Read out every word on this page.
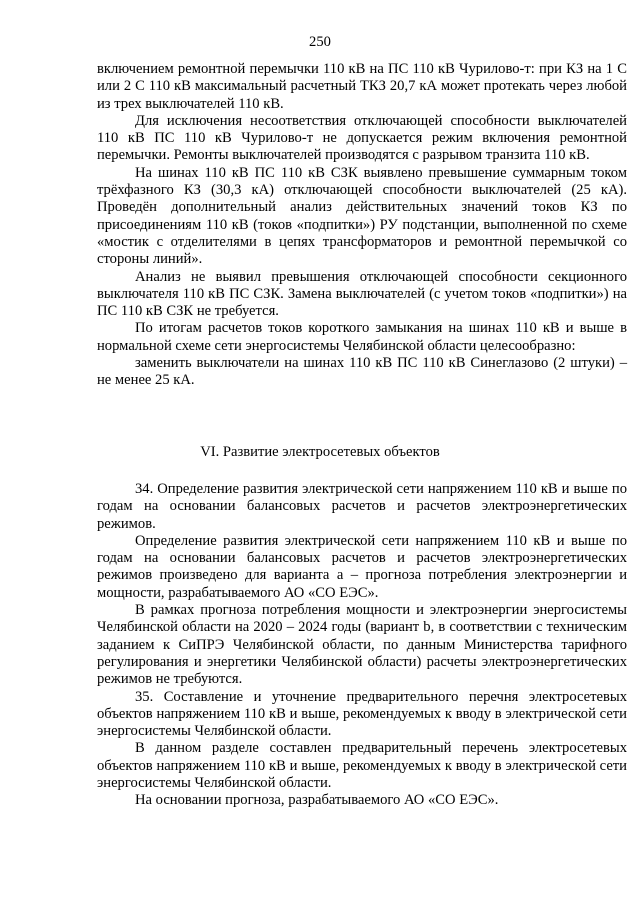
250

включением ремонтной перемычки 110 кВ на ПС 110 кВ Чурилово-т: при КЗ на 1 С или 2 С 110 кВ максимальный расчетный ТКЗ 20,7 кА может протекать через любой из трех выключателей 110 кВ.

Для исключения несоответствия отключающей способности выключателей 110 кВ ПС 110 кВ Чурилово-т не допускается режим включения ремонтной перемычки. Ремонты выключателей производятся с разрывом транзита 110 кВ.

На шинах 110 кВ ПС 110 кВ СЗК выявлено превышение суммарным током трёхфазного КЗ (30,3 кА) отключающей способности выключателей (25 кА). Проведён дополнительный анализ действительных значений токов КЗ по присоединениям 110 кВ (токов «подпитки») РУ подстанции, выполненной по схеме «мостик с отделителями в цепях трансформаторов и ремонтной перемычкой со стороны линий».

Анализ не выявил превышения отключающей способности секционного выключателя 110 кВ ПС СЗК. Замена выключателей (с учетом токов «подпитки») на ПС 110 кВ СЗК не требуется.

По итогам расчетов токов короткого замыкания на шинах 110 кВ и выше в нормальной схеме сети энергосистемы Челябинской области целесообразно:

заменить выключатели на шинах 110 кВ ПС 110 кВ Синеглазово (2 штуки) – не менее 25 кА.

VI. Развитие электросетевых объектов

34. Определение развития электрической сети напряжением 110 кВ и выше по годам на основании балансовых расчетов и расчетов электроэнергетических режимов.

Определение развития электрической сети напряжением 110 кВ и выше по годам на основании балансовых расчетов и расчетов электроэнергетических режимов произведено для варианта а – прогноза потребления электроэнергии и мощности, разрабатываемого АО «СО ЕЭС».

В рамках прогноза потребления мощности и электроэнергии энергосистемы Челябинской области на 2020 – 2024 годы (вариант b, в соответствии с техническим заданием к СиПРЭ Челябинской области, по данным Министерства тарифного регулирования и энергетики Челябинской области) расчеты электроэнергетических режимов не требуются.

35. Составление и уточнение предварительного перечня электросетевых объектов напряжением 110 кВ и выше, рекомендуемых к вводу в электрической сети энергосистемы Челябинской области.

В данном разделе составлен предварительный перечень электросетевых объектов напряжением 110 кВ и выше, рекомендуемых к вводу в электрической сети энергосистемы Челябинской области.

На основании прогноза, разрабатываемого АО «СО ЕЭС».
